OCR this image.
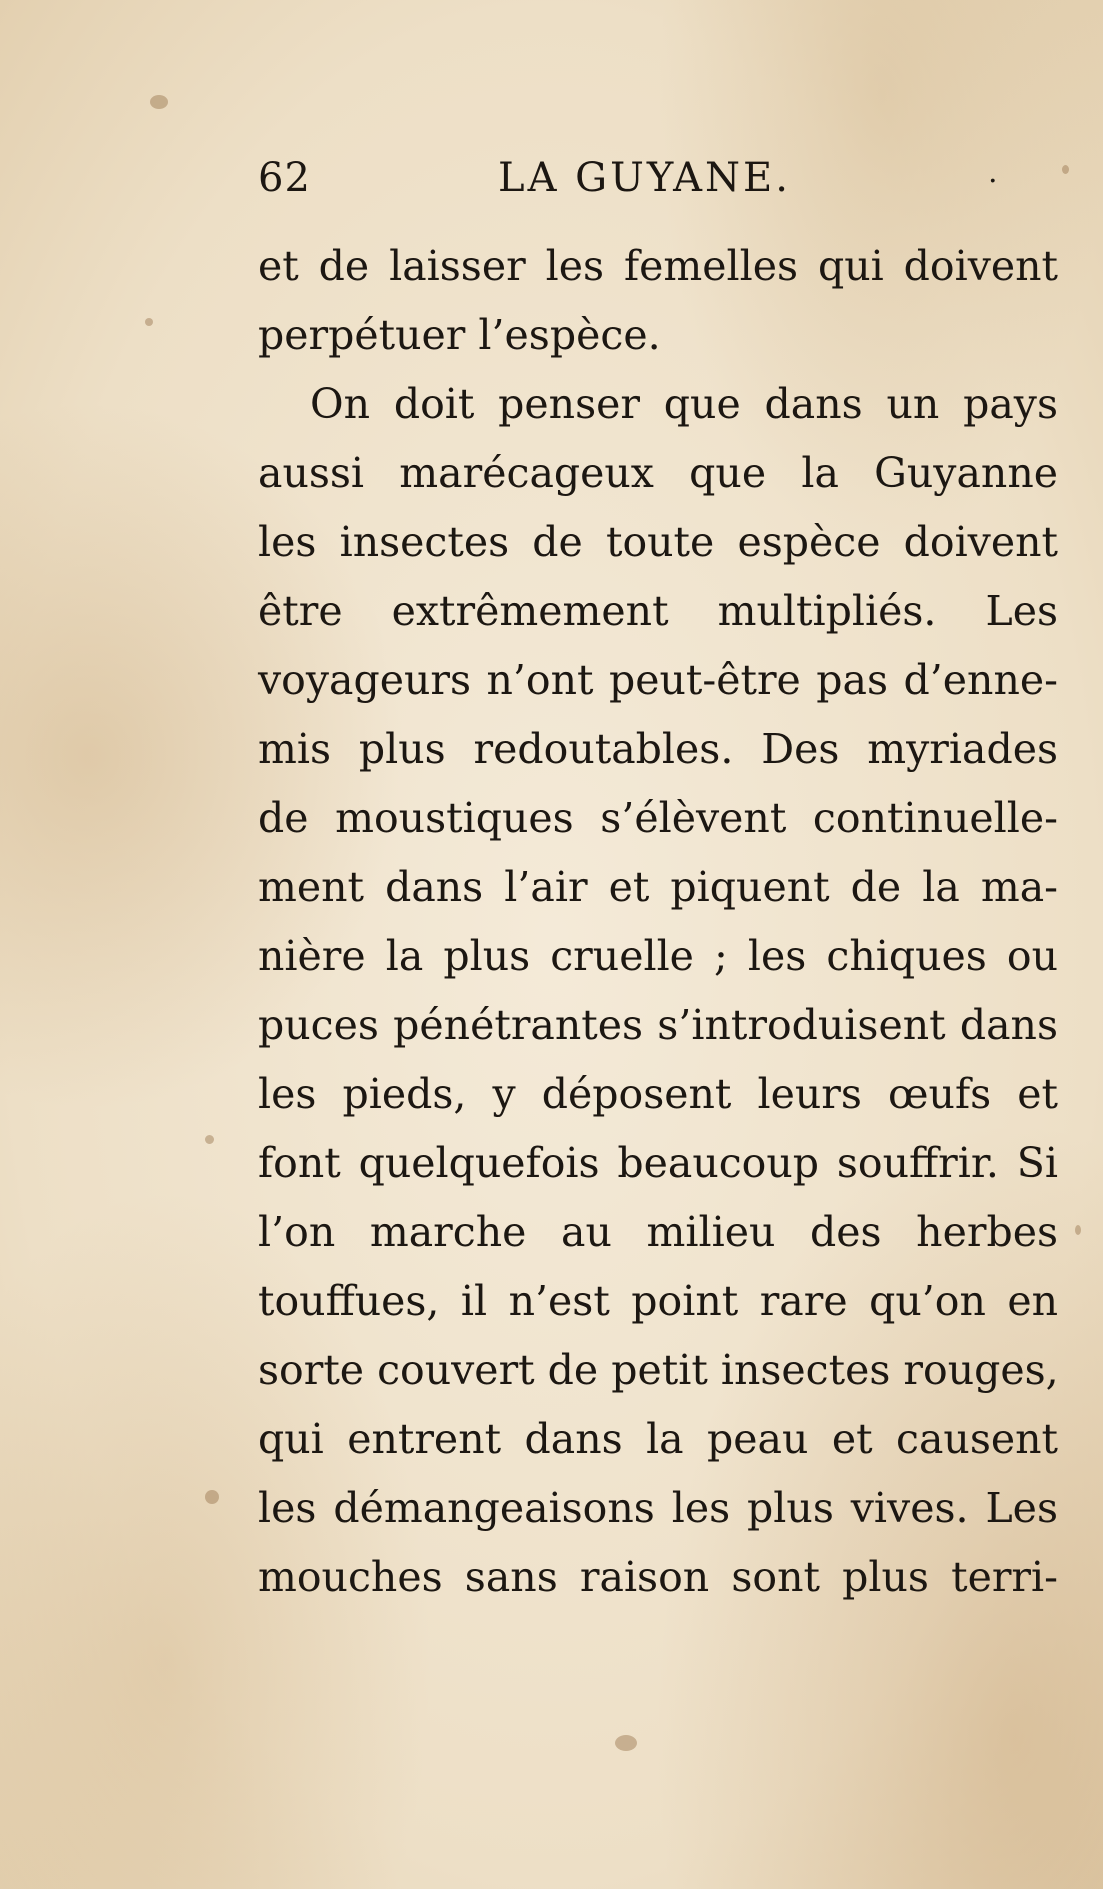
62	LA GUYANE.	.
et de laisser les femelles qui doivent
perpétuer l’espèce.
On doit penser que dans un pays
aussi marécageux que la Guyanne
les insectes de toute espèce doivent
être extrêmement multipliés. Les
voyageurs n’ont peut-être pas d’enne-
mis plus redoutables. Des myriades
de moustiques s’élèvent continuelle-
ment dans l’air et piquent de la ma-
nière la plus cruelle ; les chiques ou
puces pénétrantes s’introduisent dans
les pieds, y déposent leurs œufs et
font quelquefois beaucoup souffrir. Si
l’on marche au milieu des herbes
touffues, il n’est point rare qu’on en
sorte couvert de petit insectes rouges,
qui entrent dans la peau et causent
les démangeaisons les plus vives. Les
mouches sans raison sont plus terri-
